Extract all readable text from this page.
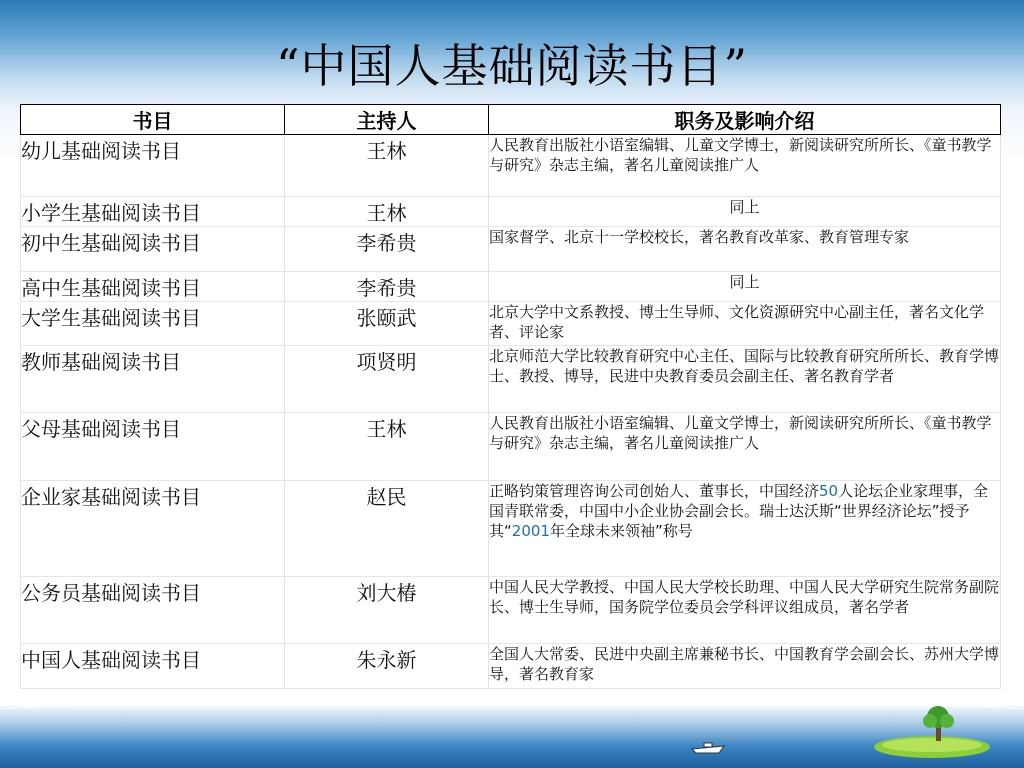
“中国人基础阅读书目”
书目	主持人	职务及影响介绍
幼儿基础阅读书目	王林	人民教育出版社小语室编辑、儿童文学博士，新阅读研究所所长、《童书教学与研究》杂志主编，著名儿童阅读推广人
小学生基础阅读书目	王林	同上
初中生基础阅读书目	李希贵	国家督学、北京十一学校校长，著名教育改革家、教育管理专家
高中生基础阅读书目	李希贵	同上
大学生基础阅读书目	张颐武	北京大学中文系教授、博士生导师、文化资源研究中心副主任，著名文化学者、评论家
教师基础阅读书目	项贤明	北京师范大学比较教育研究中心主任、国际与比较教育研究所所长、教育学博士、教授、博导，民进中央教育委员会副主任、著名教育学者
父母基础阅读书目	王林	人民教育出版社小语室编辑、儿童文学博士，新阅读研究所所长、《童书教学与研究》杂志主编，著名儿童阅读推广人
企业家基础阅读书目	赵民	正略钧策管理咨询公司创始人、董事长，中国经济50人论坛企业家理事，全国青联常委，中国中小企业协会副会长。瑞士达沃斯“世界经济论坛”授予其“2001年全球未来领袖”称号
公务员基础阅读书目	刘大椿	中国人民大学教授、中国人民大学校长助理、中国人民大学研究生院常务副院长、博士生导师，国务院学位委员会学科评议组成员，著名学者
中国人基础阅读书目	朱永新	全国人大常委、民进中央副主席兼秘书长、中国教育学会副会长、苏州大学博导，著名教育家
